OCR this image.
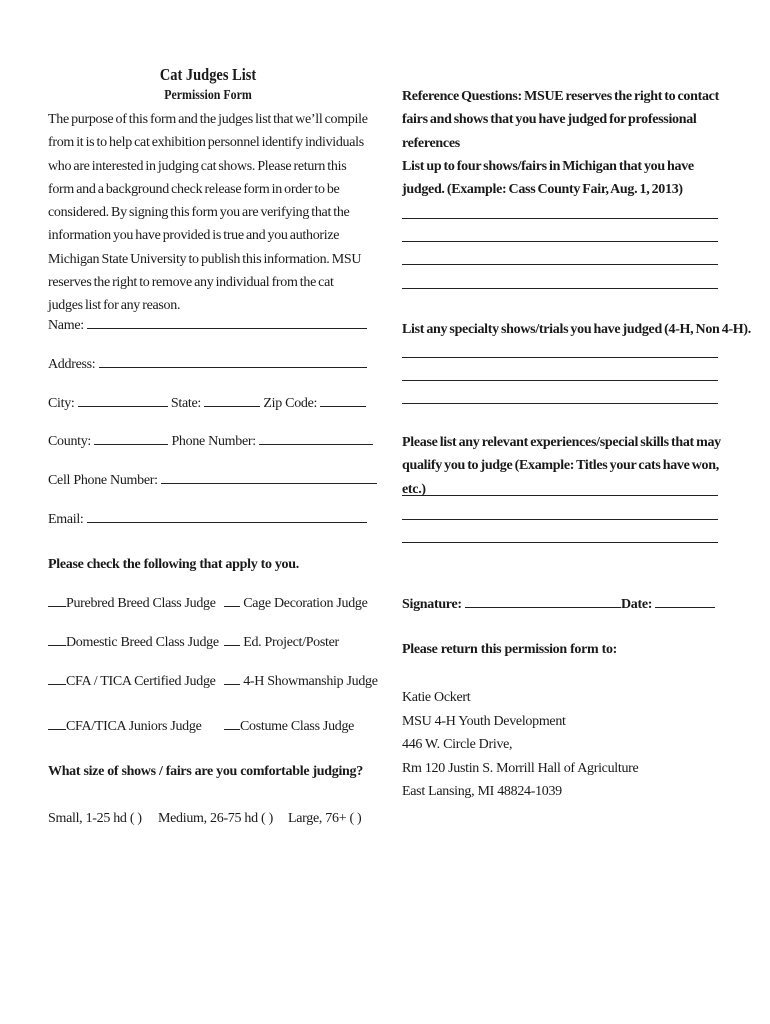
Cat Judges List

Permission Form

The purpose of this form and the judges list that we’ll compile from it is to help cat exhibition personnel identify individuals who are interested in judging cat shows. Please return this form and a background check release form in order to be considered. By signing this form you are verifying that the information you have provided is true and you authorize Michigan State University to publish this information. MSU reserves the right to remove any individual from the cat judges list for any reason.

Name:
Address:
City:	State:	Zip Code:
County:	Phone Number:
Cell Phone Number:
Email:
Please check the following that apply to you.
Purebred Breed Class Judge	Cage Decoration Judge
Domestic Breed Class Judge	Ed. Project/Poster
CFA / TICA Certified Judge	4-H Showmanship Judge
CFA/TICA Juniors Judge	Costume Class Judge
What size of shows / fairs are you comfortable judging?
Small, 1-25 hd ( ) Medium, 26-75 hd ( ) Large, 76+ ( )

Reference Questions: MSUE reserves the right to contact fairs and shows that you have judged for professional references

List up to four shows/fairs in Michigan that you have judged. (Example: Cass County Fair, Aug. 1, 2013)

List any specialty shows/trials you have judged (4-H, Non 4-H).

Please list any relevant experiences/special skills that may qualify you to judge (Example: Titles your cats have won, etc.)

Signature:	Date:
Please return this permission form to:
Katie Ockert
MSU 4-H Youth Development
446 W. Circle Drive,
Rm 120 Justin S. Morrill Hall of Agriculture
East Lansing, MI 48824-1039
